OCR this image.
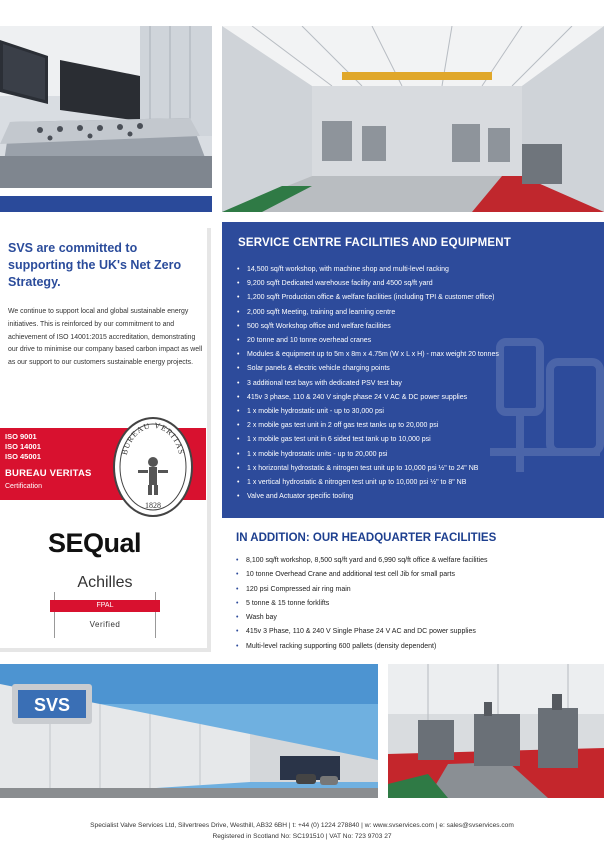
SVS are committed to supporting the UK's Net Zero Strategy.
We continue to support local and global sustainable energy initiatives. This is reinforced by our commitment to and achievement of ISO 14001:2015 accreditation, demonstrating our drive to minimise our company based carbon impact as well as our support to our customers sustainable energy projects.
ISO 9001
ISO 14001
ISO 45001
BUREAU VERITAS
Certification
BUREAU VERITAS
1828
SEQual
Achilles
FPAL
Verified
SERVICE CENTRE FACILITIES AND EQUIPMENT
• 14,500 sq/ft workshop, with machine shop and multi-level racking
• 9,200 sq/ft Dedicated warehouse facility and 4500 sq/ft yard
• 1,200 sq/ft Production office & welfare facilities (including TPI & customer office)
• 2,000 sq/ft Meeting, training and learning centre
• 500 sq/ft Workshop office and welfare facilities
• 20 tonne and 10 tonne overhead cranes
• Modules & equipment up to 5m x 8m x 4.75m (W x L x H) - max weight 20 tonnes
• Solar panels & electric vehicle charging points
• 3 additional test bays with dedicated PSV test bay
• 415v 3 phase, 110 & 240 V single phase 24 V AC & DC power supplies
• 1 x mobile hydrostatic unit - up to 30,000 psi
• 2 x mobile gas test unit in 2 off gas test tanks up to 20,000 psi
• 1 x mobile gas test unit in 6 sided test tank up to 10,000 psi
• 1 x mobile hydrostatic units - up to 20,000 psi
• 1 x horizontal hydrostatic & nitrogen test unit up to 10,000 psi ½" to 24" NB
• 1 x vertical hydrostatic & nitrogen test unit up to 10,000 psi ½" to 8" NB
• Valve and Actuator specific tooling
IN ADDITION: OUR HEADQUARTER FACILITIES
• 8,100 sq/ft workshop, 8,500 sq/ft yard and 6,990 sq/ft office & welfare facilities
• 10 tonne Overhead Crane and additional test cell Jib for small parts
• 120 psi Compressed air ring main
• 5 tonne & 15 tonne forklifts
• Wash bay
• 415v 3 Phase, 110 & 240 V Single Phase 24 V AC and DC power supplies
• Multi-level racking supporting 600 pallets (density dependent)
SVS
Specialist Valve Services Ltd, Silvertrees Drive, Westhill, AB32 6BH | t: +44 (0) 1224 278840 | w: www.svservices.com | e: sales@svservices.com
Registered in Scotland No: SC191510 | VAT No: 723 9703 27
